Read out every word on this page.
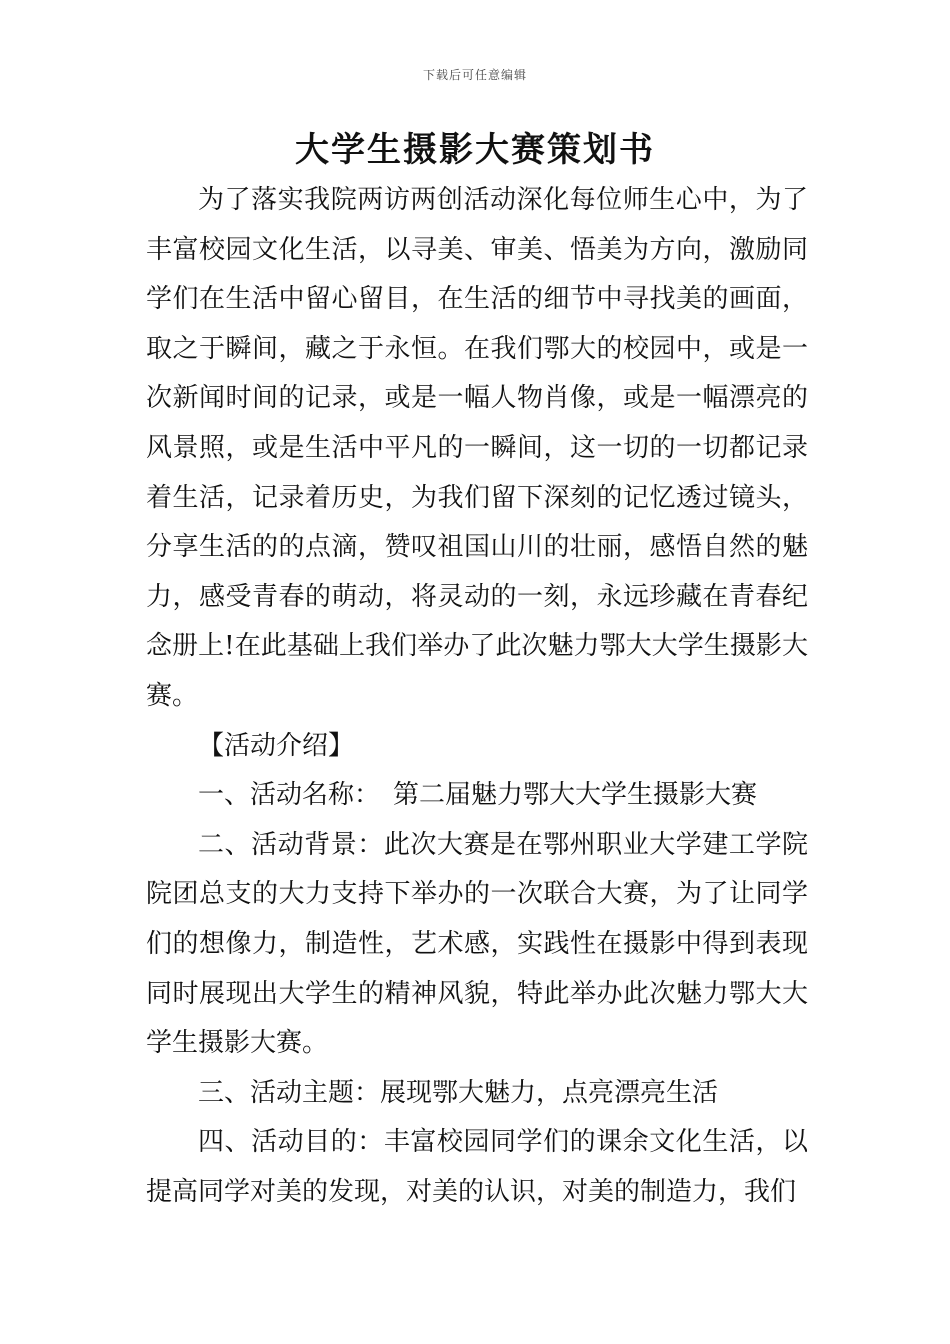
下载后可任意编辑
大学生摄影大赛策划书

为了落实我院两访两创活动深化每位师生心中，为了丰富校园文化生活，以寻美、审美、悟美为方向，激励同学们在生活中留心留目，在生活的细节中寻找美的画面，取之于瞬间，藏之于永恒。在我们鄂大的校园中，或是一次新闻时间的记录，或是一幅人物肖像，或是一幅漂亮的风景照，或是生活中平凡的一瞬间，这一切的一切都记录着生活，记录着历史，为我们留下深刻的记忆透过镜头，分享生活的的点滴，赞叹祖国山川的壮丽，感悟自然的魅力，感受青春的萌动，将灵动的一刻，永远珍藏在青春纪念册上!在此基础上我们举办了此次魅力鄂大大学生摄影大赛。

【活动介绍】

一、活动名称：　第二届魅力鄂大大学生摄影大赛

二、活动背景：此次大赛是在鄂州职业大学建工学院院团总支的大力支持下举办的一次联合大赛，为了让同学们的想像力，制造性，艺术感，实践性在摄影中得到表现同时展现出大学生的精神风貌，特此举办此次魅力鄂大大学生摄影大赛。

三、活动主题：展现鄂大魅力，点亮漂亮生活

四、活动目的：丰富校园同学们的课余文化生活，以提高同学对美的发现，对美的认识，对美的制造力，我们
